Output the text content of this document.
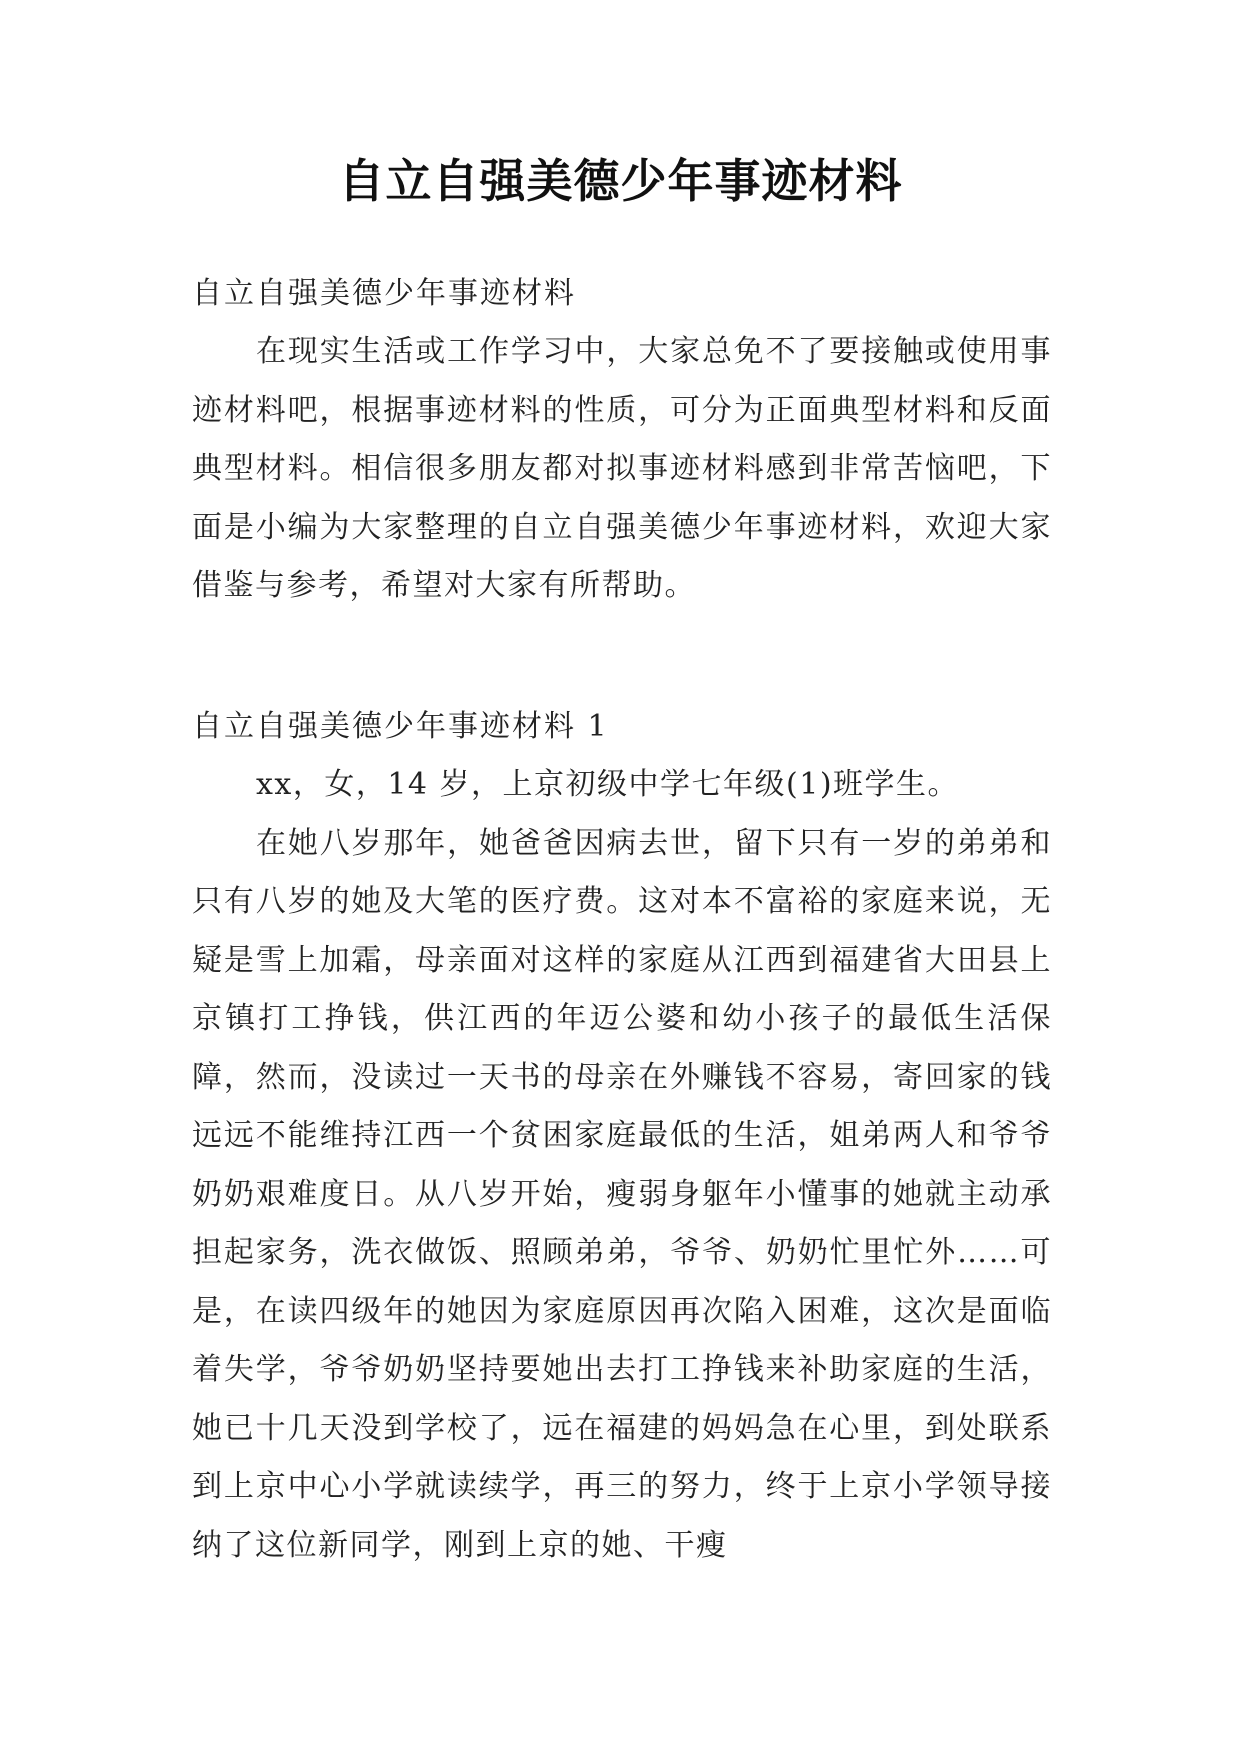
自立自强美德少年事迹材料

自立自强美德少年事迹材料

在现实生活或工作学习中，大家总免不了要接触或使用事迹材料吧，根据事迹材料的性质，可分为正面典型材料和反面典型材料。相信很多朋友都对拟事迹材料感到非常苦恼吧，下面是小编为大家整理的自立自强美德少年事迹材料，欢迎大家借鉴与参考，希望对大家有所帮助。

自立自强美德少年事迹材料 1

xx，女，14 岁，上京初级中学七年级(1)班学生。

在她八岁那年，她爸爸因病去世，留下只有一岁的弟弟和只有八岁的她及大笔的医疗费。这对本不富裕的家庭来说，无疑是雪上加霜，母亲面对这样的家庭从江西到福建省大田县上京镇打工挣钱，供江西的年迈公婆和幼小孩子的最低生活保障，然而，没读过一天书的母亲在外赚钱不容易，寄回家的钱远远不能维持江西一个贫困家庭最低的生活，姐弟两人和爷爷奶奶艰难度日。从八岁开始，瘦弱身躯年小懂事的她就主动承担起家务，洗衣做饭、照顾弟弟，爷爷、奶奶忙里忙外……可是，在读四级年的她因为家庭原因再次陷入困难，这次是面临着失学，爷爷奶奶坚持要她出去打工挣钱来补助家庭的生活，她已十几天没到学校了，远在福建的妈妈急在心里，到处联系到上京中心小学就读续学，再三的努力，终于上京小学领导接纳了这位新同学，刚到上京的她、干瘦
